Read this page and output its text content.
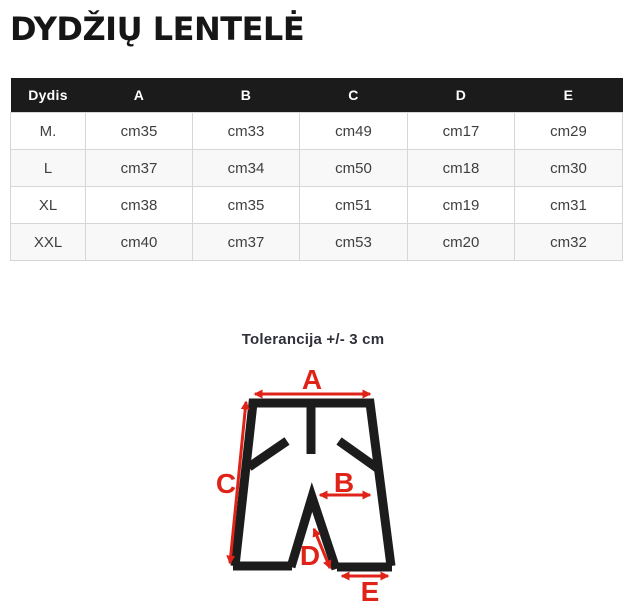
DYDŽIŲ LENTELĖ
Dydis	A	B	C	D	E
M.	cm35	cm33	cm49	cm17	cm29
L	cm37	cm34	cm50	cm18	cm30
XL	cm38	cm35	cm51	cm19	cm31
XXL	cm40	cm37	cm53	cm20	cm32
Tolerancija +/- 3 cm
A
B
C
D
E
